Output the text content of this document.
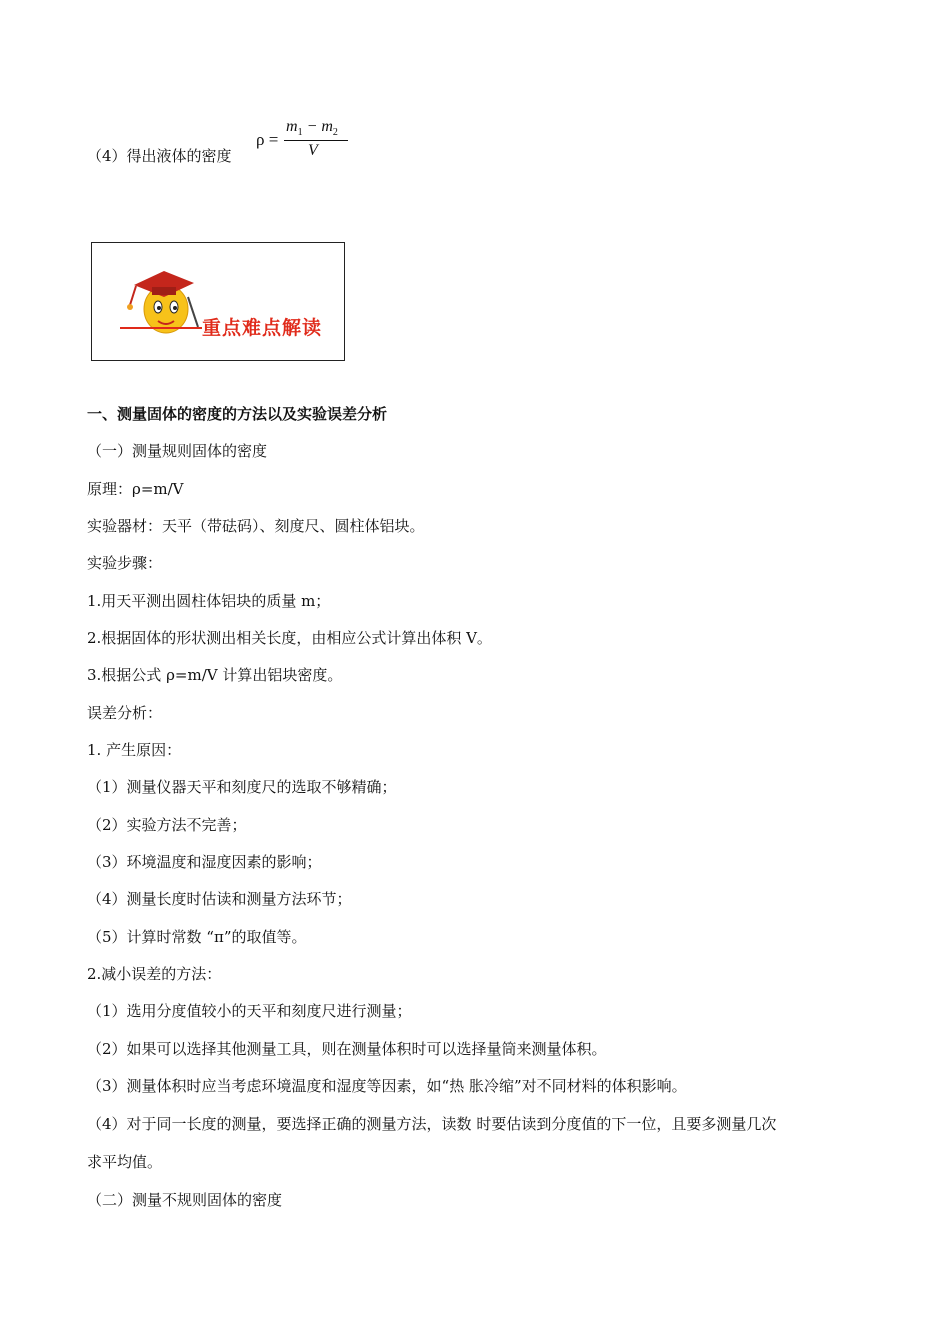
（4）得出液体的密度
ρ =
$m_1 - m_2$
V
重点难点解读
一、测量固体的密度的方法以及实验误差分析
（一）测量规则固体的密度
原理：ρ=m/V
实验器材：天平（带砝码）、刻度尺、圆柱体铝块。
实验步骤：
1.用天平测出圆柱体铝块的质量 m；
2.根据固体的形状测出相关长度，由相应公式计算出体积 V。
3.根据公式 ρ=m/V 计算出铝块密度。
误差分析：
1. 产生原因：
（1）测量仪器天平和刻度尺的选取不够精确；
（2）实验方法不完善；
（3）环境温度和湿度因素的影响；
（4）测量长度时估读和测量方法环节；
（5）计算时常数 “π”的取值等。
2.减小误差的方法：
（1）选用分度值较小的天平和刻度尺进行测量；
（2）如果可以选择其他测量工具，则在测量体积时可以选择量筒来测量体积。
（3）测量体积时应当考虑环境温度和湿度等因素，如“热 胀冷缩”对不同材料的体积影响。
（4）对于同一长度的测量，要选择正确的测量方法，读数 时要估读到分度值的下一位，且要多测量几次
求平均值。
（二）测量不规则固体的密度
